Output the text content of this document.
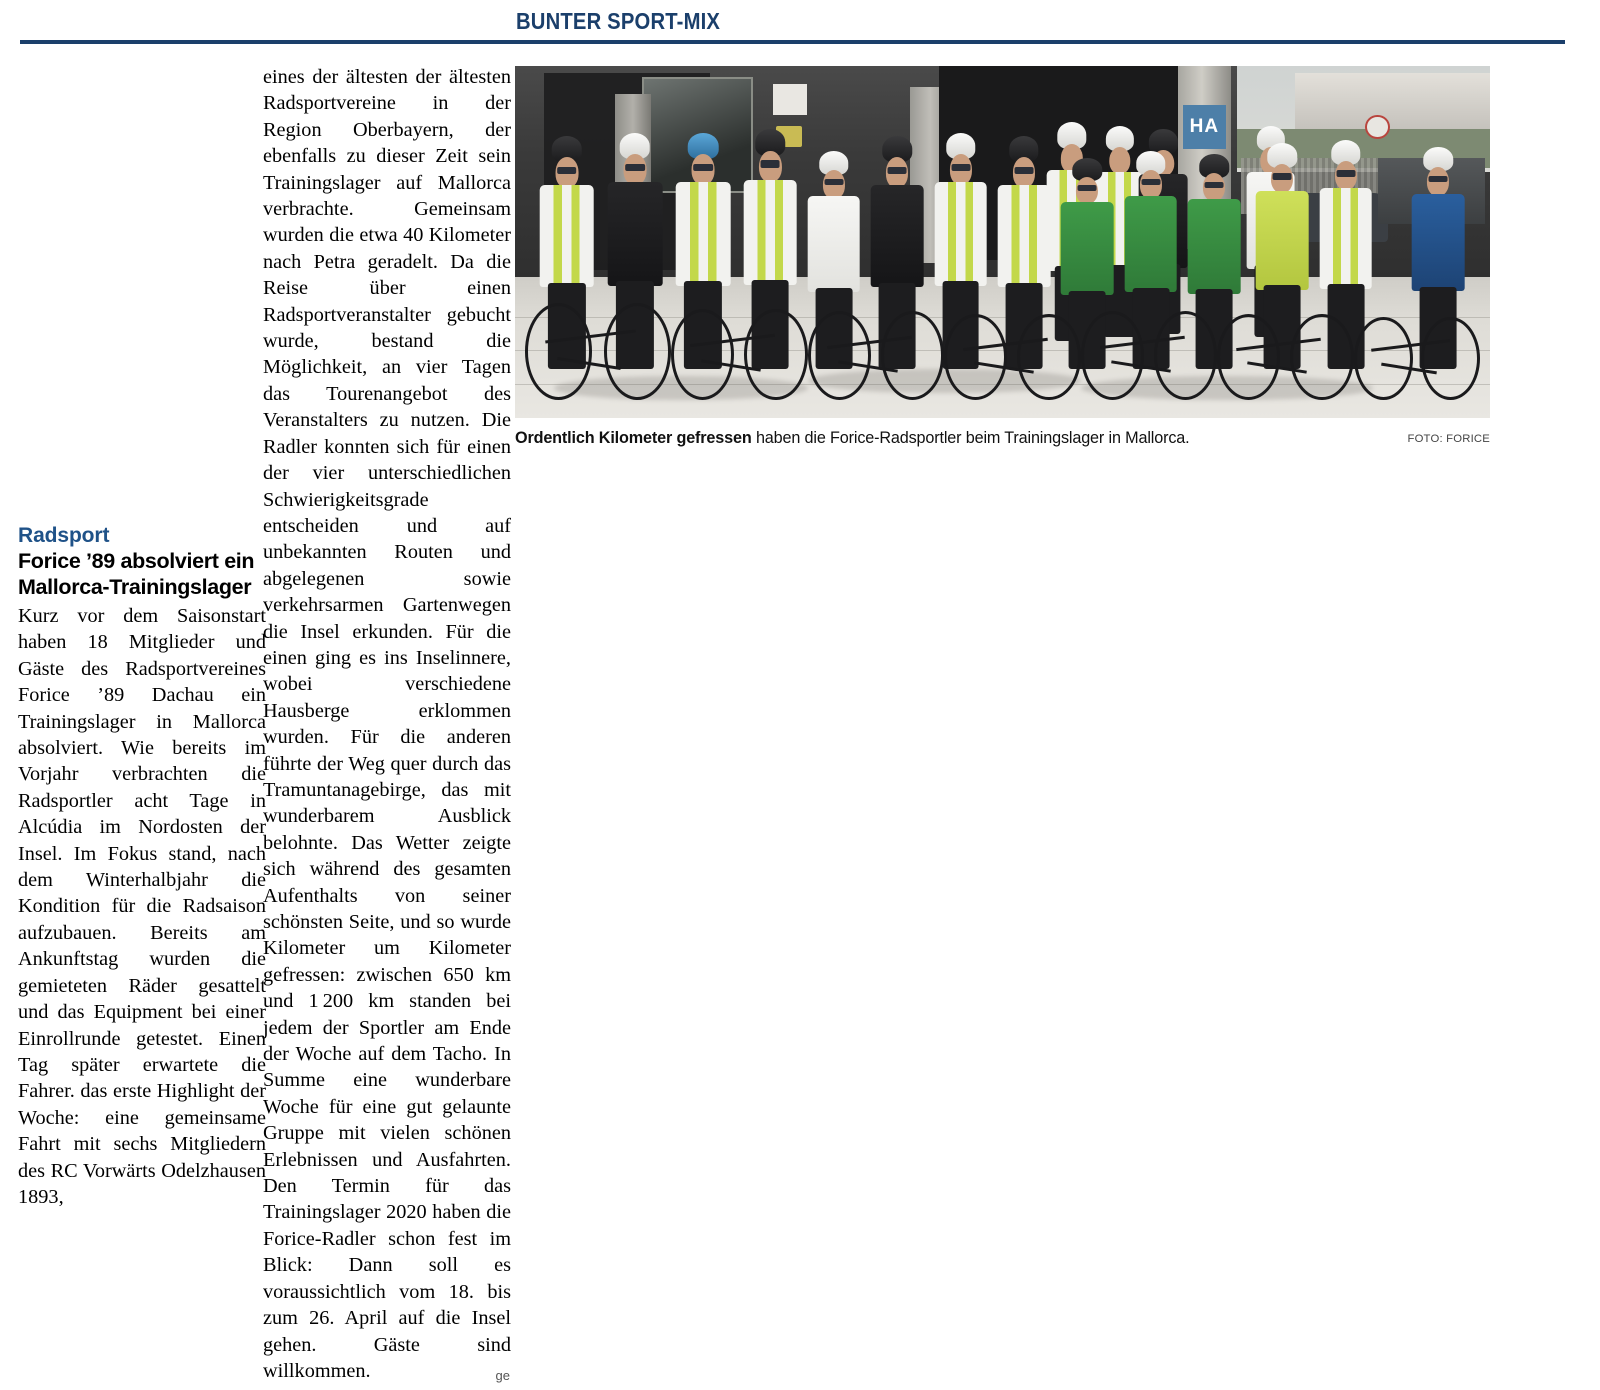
BUNTER SPORT-MIX
Radsport
Forice ’89 absolviert ein Mallorca-Trainingslager

Kurz vor dem Saisonstart haben 18 Mitglieder und Gäste des Radsportvereines Forice ’89 Dachau ein Trainingslager in Mallorca absolviert. Wie bereits im Vorjahr verbrachten die Radsportler acht Tage in Alcúdia im Nordosten der Insel. Im Fokus stand, nach dem Winterhalbjahr die Kondition für die Radsaison aufzubauen. Bereits am Ankunftstag wurden die gemieteten Räder gesattelt und das Equipment bei einer Einrollrunde getestet. Einen Tag später erwartete die Fahrer. das erste Highlight der Woche: eine gemeinsame Fahrt mit sechs Mitgliedern des RC Vorwärts Odelzhausen 1893,

eines der ältesten der ältesten Radsportvereine in der Region Oberbayern, der ebenfalls zu dieser Zeit sein Trainingslager auf Mallorca verbrachte. Gemeinsam wurden die etwa 40 Kilometer nach Petra geradelt. Da die Reise über einen Radsportveranstalter gebucht wurde, bestand die Möglichkeit, an vier Tagen das Tourenangebot des Veranstalters zu nutzen. Die Radler konnten sich für einen der vier unterschiedlichen Schwierigkeitsgrade entscheiden und auf unbekannten Routen und abgelegenen sowie verkehrsarmen Gartenwegen die Insel erkunden. Für die einen ging es ins Inselinnere, wobei verschiedene Hausberge erklommen wurden. Für die anderen führte der Weg quer durch das Tramuntanagebirge, das mit wunderbarem Ausblick belohnte. Das Wetter zeigte sich während des gesamten Aufenthalts von seiner schönsten Seite, und so wurde Kilometer um Kilometer gefressen: zwischen 650 km und 1 200 km standen bei jedem der Sportler am Ende der Woche auf dem Tacho. In Summe eine wunderbare Woche für eine gut gelaunte Gruppe mit vielen schönen Erlebnissen und Ausfahrten. Den Termin für das Trainingslager 2020 haben die Forice-Radler schon fest im Blick: Dann soll es voraussichtlich vom 18. bis zum 26. April auf die Insel gehen. Gäste sind willkommen.	ge
HA
Ordentlich Kilometer gefressen haben die Forice-Radsportler beim Trainingslager in Mallorca.	FOTO: FORICE
